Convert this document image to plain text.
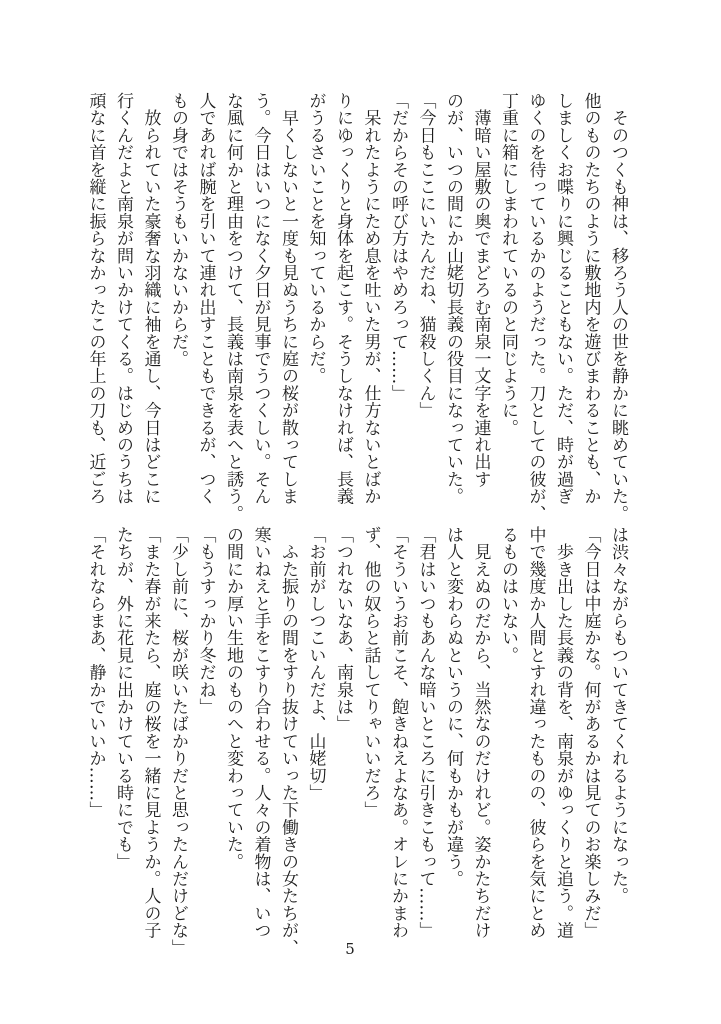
　そのつくも神は、移ろう人の世を静かに眺めていた。
他のものたちのように敷地内を遊びまわることも、か
しましくお喋りに興じることもない。ただ、時が過ぎ
ゆくのを待っているかのようだった。刀としての彼が、
丁重に箱にしまわれているのと同じように。
　薄暗い屋敷の奥でまどろむ南泉一文字を連れ出す
のが、いつの間にか山姥切長義の役目になっていた。
「今日もここにいたんだね、猫殺しくん」
「だからその呼び方はやめろって……」
　呆れたようにため息を吐いた男が、仕方ないとばか
りにゆっくりと身体を起こす。そうしなければ、長義
がうるさいことを知っているからだ。
　早くしないと一度も見ぬうちに庭の桜が散ってしま
う。今日はいつになく夕日が見事でうつくしい。そん
な風に何かと理由をつけて、長義は南泉を表へと誘う。
人であれば腕を引いて連れ出すこともできるが、つく
もの身ではそうもいかないからだ。
　放られていた豪奢な羽織に袖を通し、今日はどこに
行くんだよと南泉が問いかけてくる。はじめのうちは
頑なに首を縦に振らなかったこの年上の刀も、近ごろ
は渋々ながらもついてきてくれるようになった。
「今日は中庭かな。何があるかは見てのお楽しみだ」
　歩き出した長義の背を、南泉がゆっくりと追う。道
中で幾度か人間とすれ違ったものの、彼らを気にとめ
るものはいない。
　見えぬのだから、当然なのだけれど。姿かたちだけ
は人と変わらぬというのに、何もかもが違う。
「君はいつもあんな暗いところに引きこもって……」
「そういうお前こそ、飽きねえよなあ。オレにかまわ
ず、他の奴らと話してりゃいいだろ」
「つれないなあ、南泉は」
「お前がしつこいんだよ、山姥切」
　ふた振りの間をすり抜けていった下働きの女たちが、
寒いねえと手をこすり合わせる。人々の着物は、いつ
の間にか厚い生地のものへと変わっていた。
「もうすっかり冬だね」
「少し前に、桜が咲いたばかりだと思ったんだけどな」
「また春が来たら、庭の桜を一緒に見ようか。人の子
たちが、外に花見に出かけている時にでも」
「それならまあ、静かでいいか……」
5
